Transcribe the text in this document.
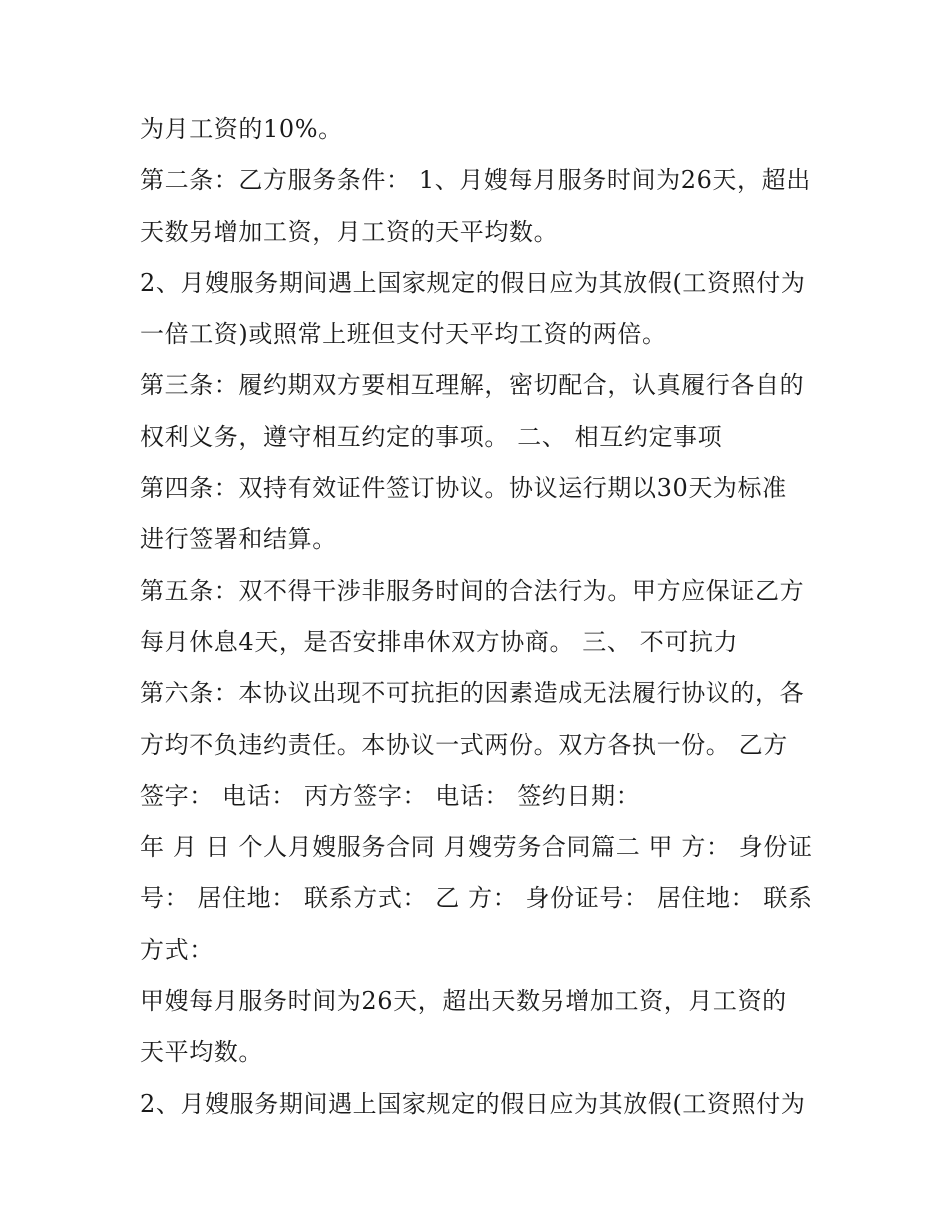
为月工资的10%。
第二条：乙方服务条件： 1、月嫂每月服务时间为26天，超出
天数另增加工资，月工资的天平均数。
2、月嫂服务期间遇上国家规定的假日应为其放假(工资照付为
一倍工资)或照常上班但支付天平均工资的两倍。
第三条：履约期双方要相互理解，密切配合，认真履行各自的
权利义务，遵守相互约定的事项。 二、 相互约定事项
第四条：双持有效证件签订协议。协议运行期以30天为标准
进行签署和结算。
第五条：双不得干涉非服务时间的合法行为。甲方应保证乙方
每月休息4天，是否安排串休双方协商。 三、 不可抗力
第六条：本协议出现不可抗拒的因素造成无法履行协议的，各
方均不负违约责任。本协议一式两份。双方各执一份。 乙方
签字： 电话： 丙方签字： 电话： 签约日期：
年 月 日 个人月嫂服务合同 月嫂劳务合同篇二 甲 方： 身份证
号： 居住地： 联系方式： 乙 方： 身份证号： 居住地： 联系
方式：
甲嫂每月服务时间为26天，超出天数另增加工资，月工资的
天平均数。
2、月嫂服务期间遇上国家规定的假日应为其放假(工资照付为
